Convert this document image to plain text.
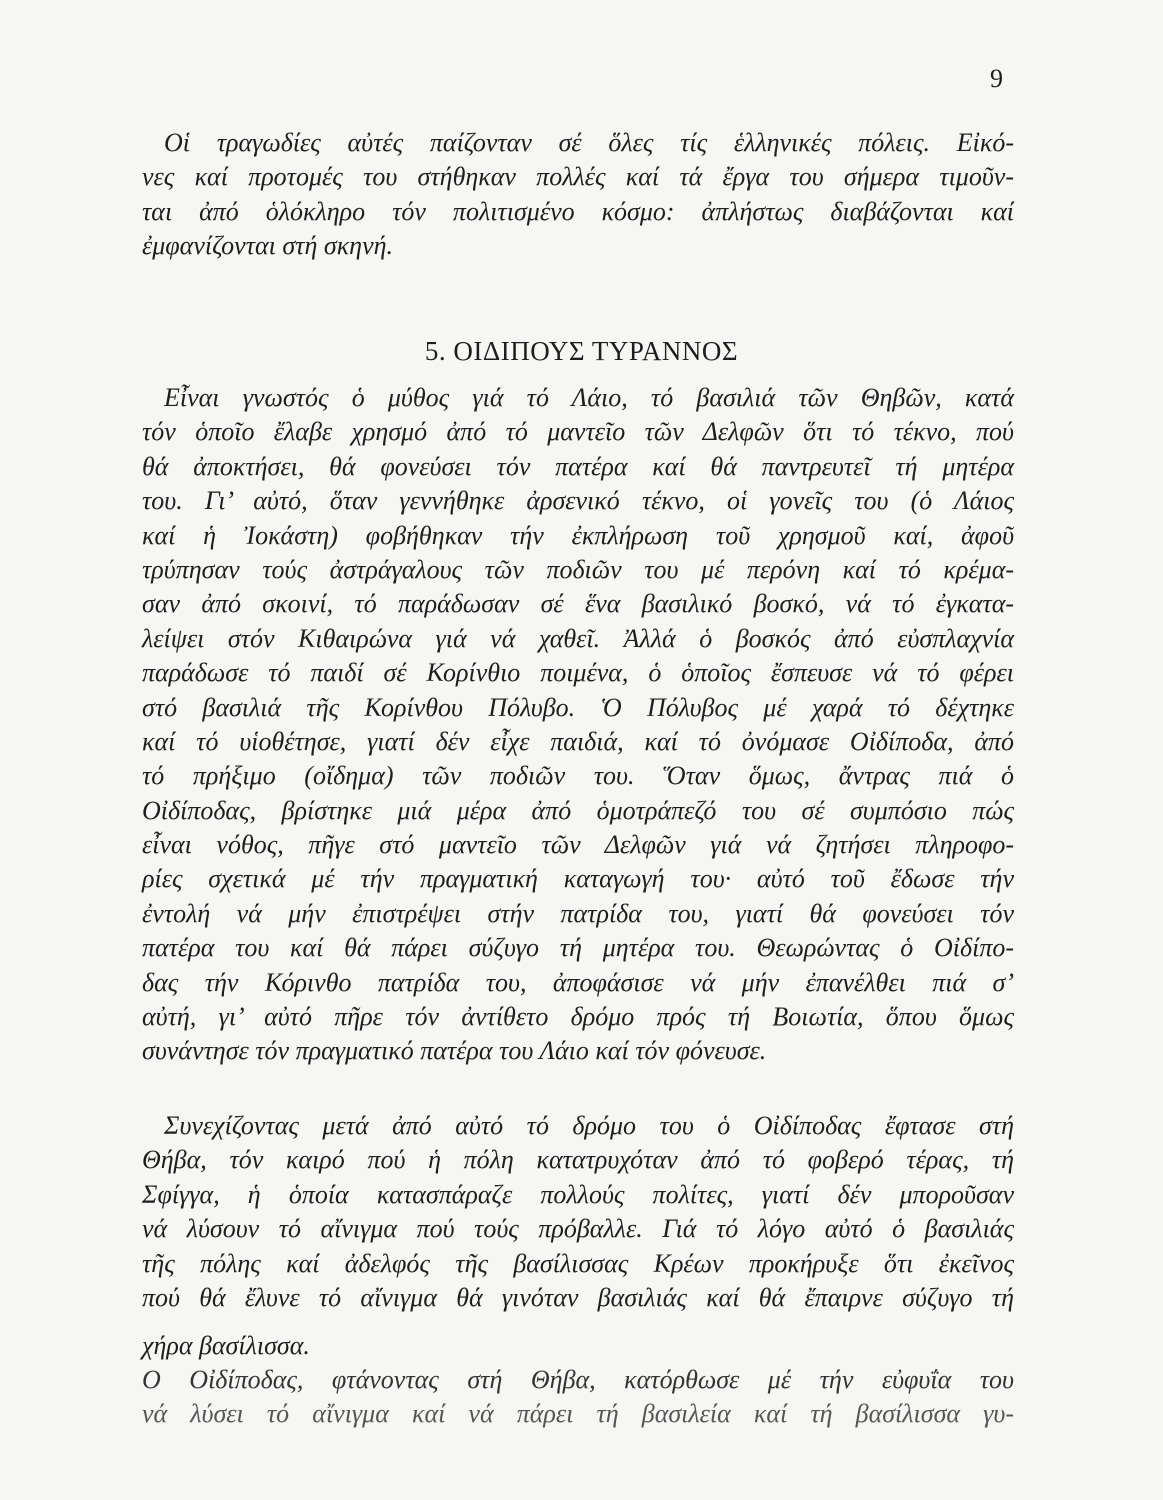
9
5. ΟΙΔΙΠΟΥΣ ΤΥΡΑΝΝΟΣ
Οἱ τραγωδίες αὐτές παίζονταν σέ ὅλες τίς ἑλληνικές πόλεις. Εἰκό-
νες καί προτομές του στήθηκαν πολλές καί τά ἔργα του σήμερα τιμοῦν-
ται ἀπό ὁλόκληρο τόν πολιτισμένο κόσμο: ἀπλήστως διαβάζονται καί
ἐμφανίζονται στή σκηνή.
Εἶναι γνωστός ὁ μύθος γιά τό Λάιο, τό βασιλιά τῶν Θηβῶν, κατά
τόν ὁποῖο ἔλαβε χρησμό ἀπό τό μαντεῖο τῶν Δελφῶν ὅτι τό τέκνο, πού
θά ἀποκτήσει, θά φονεύσει τόν πατέρα καί θά παντρευτεῖ τή μητέρα
του. Γι’ αὐτό, ὅταν γεννήθηκε ἀρσενικό τέκνο, οἱ γονεῖς του (ὁ Λάιος
καί ἡ Ἰοκάστη) φοβήθηκαν τήν ἐκπλήρωση τοῦ χρησμοῦ καί, ἀφοῦ
τρύπησαν τούς ἀστράγαλους τῶν ποδιῶν του μέ περόνη καί τό κρέμα-
σαν ἀπό σκοινί, τό παράδωσαν σέ ἕνα βασιλικό βοσκό, νά τό ἐγκατα-
λείψει στόν Κιθαιρώνα γιά νά χαθεῖ. Ἀλλά ὁ βοσκός ἀπό εὐσπλαχνία
παράδωσε τό παιδί σέ Κορίνθιο ποιμένα, ὁ ὁποῖος ἔσπευσε νά τό φέρει
στό βασιλιά τῆς Κορίνθου Πόλυβο. Ὁ Πόλυβος μέ χαρά τό δέχτηκε
καί τό υἱοθέτησε, γιατί δέν εἶχε παιδιά, καί τό ὀνόμασε Οἰδίποδα, ἀπό
τό πρήξιμο (οἴδημα) τῶν ποδιῶν του. Ὅταν ὅμως, ἄντρας πιά ὁ
Οἰδίποδας, βρίστηκε μιά μέρα ἀπό ὁμοτράπεζό του σέ συμπόσιο πώς
εἶναι νόθος, πῆγε στό μαντεῖο τῶν Δελφῶν γιά νά ζητήσει πληροφο-
ρίες σχετικά μέ τήν πραγματική καταγωγή του· αὐτό τοῦ ἔδωσε τήν
ἐντολή νά μήν ἐπιστρέψει στήν πατρίδα του, γιατί θά φονεύσει τόν
πατέρα του καί θά πάρει σύζυγο τή μητέρα του. Θεωρώντας ὁ Οἰδίπο-
δας τήν Κόρινθο πατρίδα του, ἀποφάσισε νά μήν ἐπανέλθει πιά σ’
αὐτή, γι’ αὐτό πῆρε τόν ἀντίθετο δρόμο πρός τή Βοιωτία, ὅπου ὅμως
συνάντησε τόν πραγματικό πατέρα του Λάιο καί τόν φόνευσε.
Συνεχίζοντας μετά ἀπό αὐτό τό δρόμο του ὁ Οἰδίποδας ἔφτασε στή
Θήβα, τόν καιρό πού ἡ πόλη κατατρυχόταν ἀπό τό φοβερό τέρας, τή
Σφίγγα, ἡ ὁποία κατασπάραζε πολλούς πολίτες, γιατί δέν μποροῦσαν
νά λύσουν τό αἴνιγμα πού τούς πρόβαλλε. Γιά τό λόγο αὐτό ὁ βασιλιάς
τῆς πόλης καί ἀδελφός τῆς βασίλισσας Κρέων προκήρυξε ὅτι ἐκεῖνος
πού θά ἔλυνε τό αἴνιγμα θά γινόταν βασιλιάς καί θά ἔπαιρνε σύζυγο τή
χήρα βασίλισσα.
Ο Οἰδίποδας, φτάνοντας στή Θήβα, κατόρθωσε μέ τήν εὐφυΐα του
νά λύσει τό αἴνιγμα καί νά πάρει τή βασιλεία καί τή βασίλισσα γυ-
